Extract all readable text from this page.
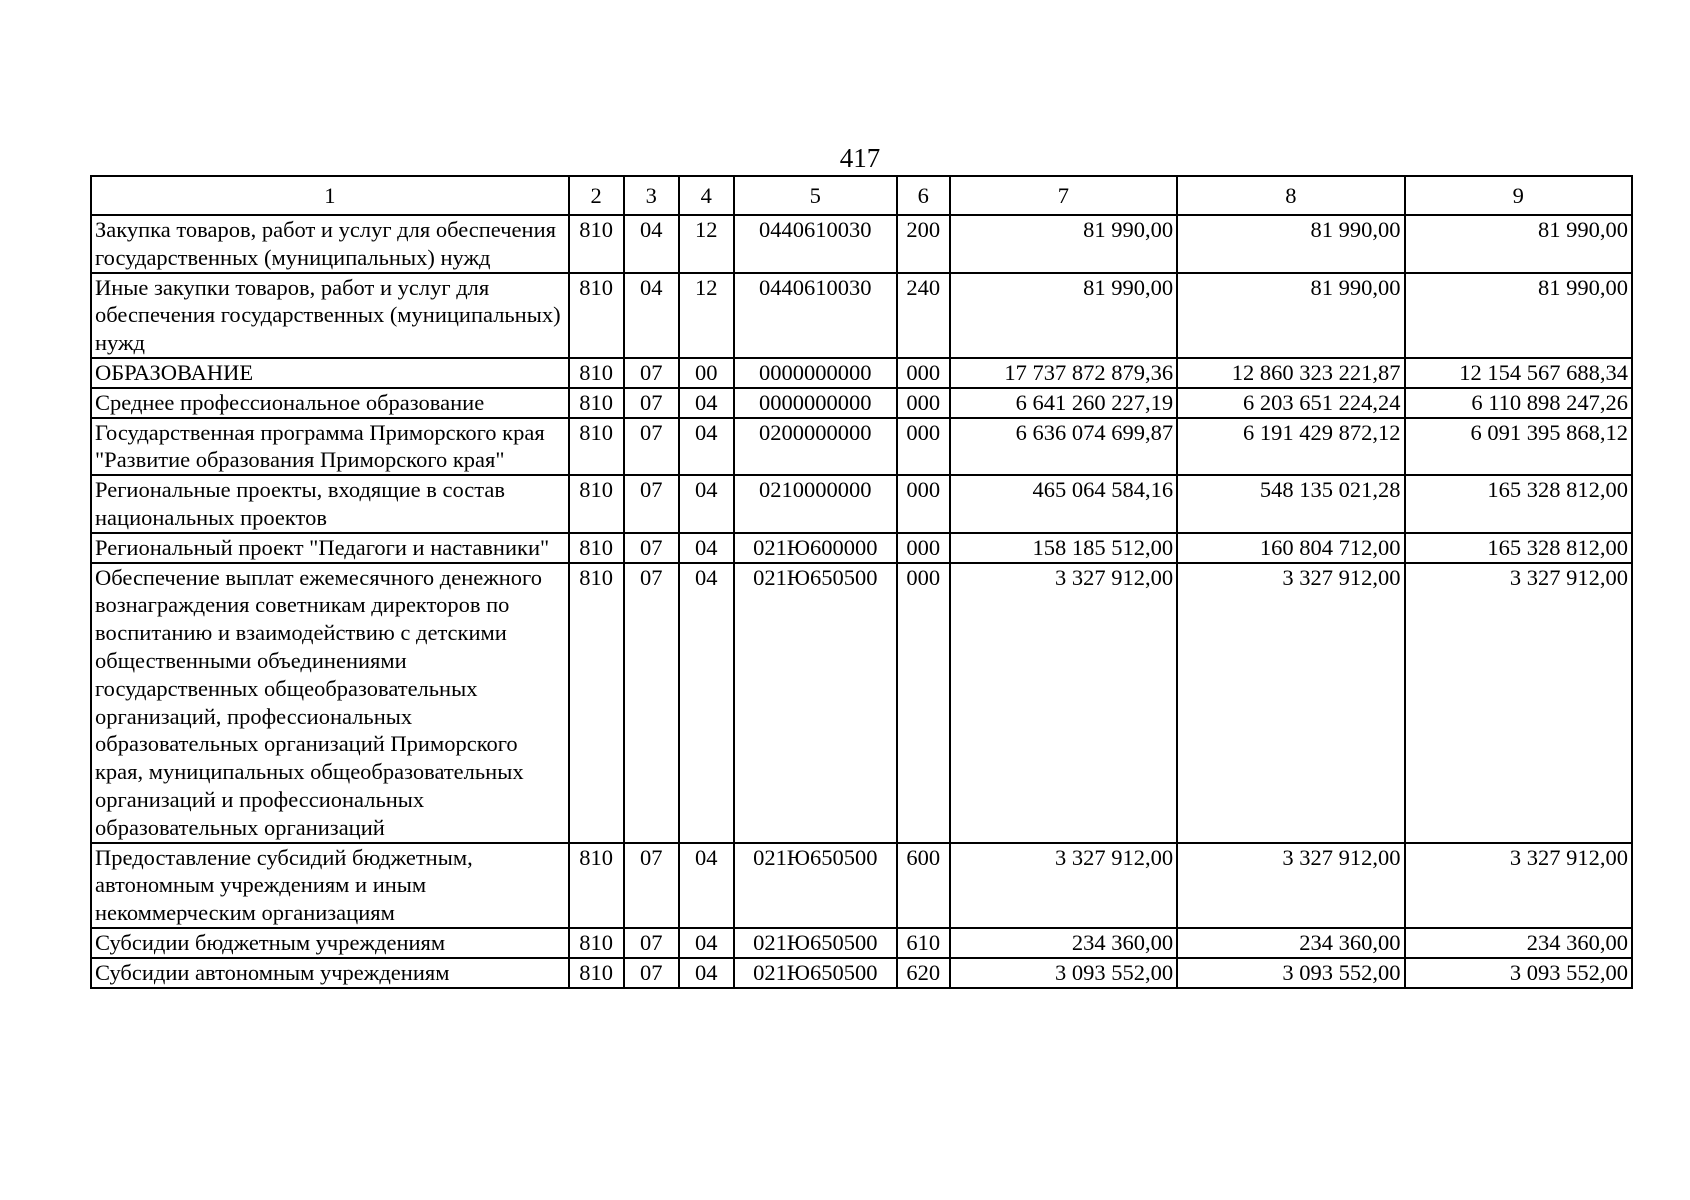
417
1	2	3	4	5	6	7	8	9
Закупка товаров, работ и услуг для обеспечения государственных (муниципальных) нужд	810	04	12	0440610030	200	81 990,00	81 990,00	81 990,00
Иные закупки товаров, работ и услуг для обеспечения государственных (муниципальных) нужд	810	04	12	0440610030	240	81 990,00	81 990,00	81 990,00
ОБРАЗОВАНИЕ	810	07	00	0000000000	000	17 737 872 879,36	12 860 323 221,87	12 154 567 688,34
Среднее профессиональное образование	810	07	04	0000000000	000	6 641 260 227,19	6 203 651 224,24	6 110 898 247,26
Государственная программа Приморского края "Развитие образования Приморского края"	810	07	04	0200000000	000	6 636 074 699,87	6 191 429 872,12	6 091 395 868,12
Региональные проекты, входящие в состав национальных проектов	810	07	04	0210000000	000	465 064 584,16	548 135 021,28	165 328 812,00
Региональный проект "Педагоги и наставники"	810	07	04	021Ю600000	000	158 185 512,00	160 804 712,00	165 328 812,00
Обеспечение выплат ежемесячного денежного вознаграждения советникам директоров по воспитанию и взаимодействию с детскими общественными объединениями государственных общеобразовательных организаций, профессиональных образовательных организаций Приморского края, муниципальных общеобразовательных организаций и профессиональных образовательных организаций	810	07	04	021Ю650500	000	3 327 912,00	3 327 912,00	3 327 912,00
Предоставление субсидий бюджетным, автономным учреждениям и иным некоммерческим организациям	810	07	04	021Ю650500	600	3 327 912,00	3 327 912,00	3 327 912,00
Субсидии бюджетным учреждениям	810	07	04	021Ю650500	610	234 360,00	234 360,00	234 360,00
Субсидии автономным учреждениям	810	07	04	021Ю650500	620	3 093 552,00	3 093 552,00	3 093 552,00
